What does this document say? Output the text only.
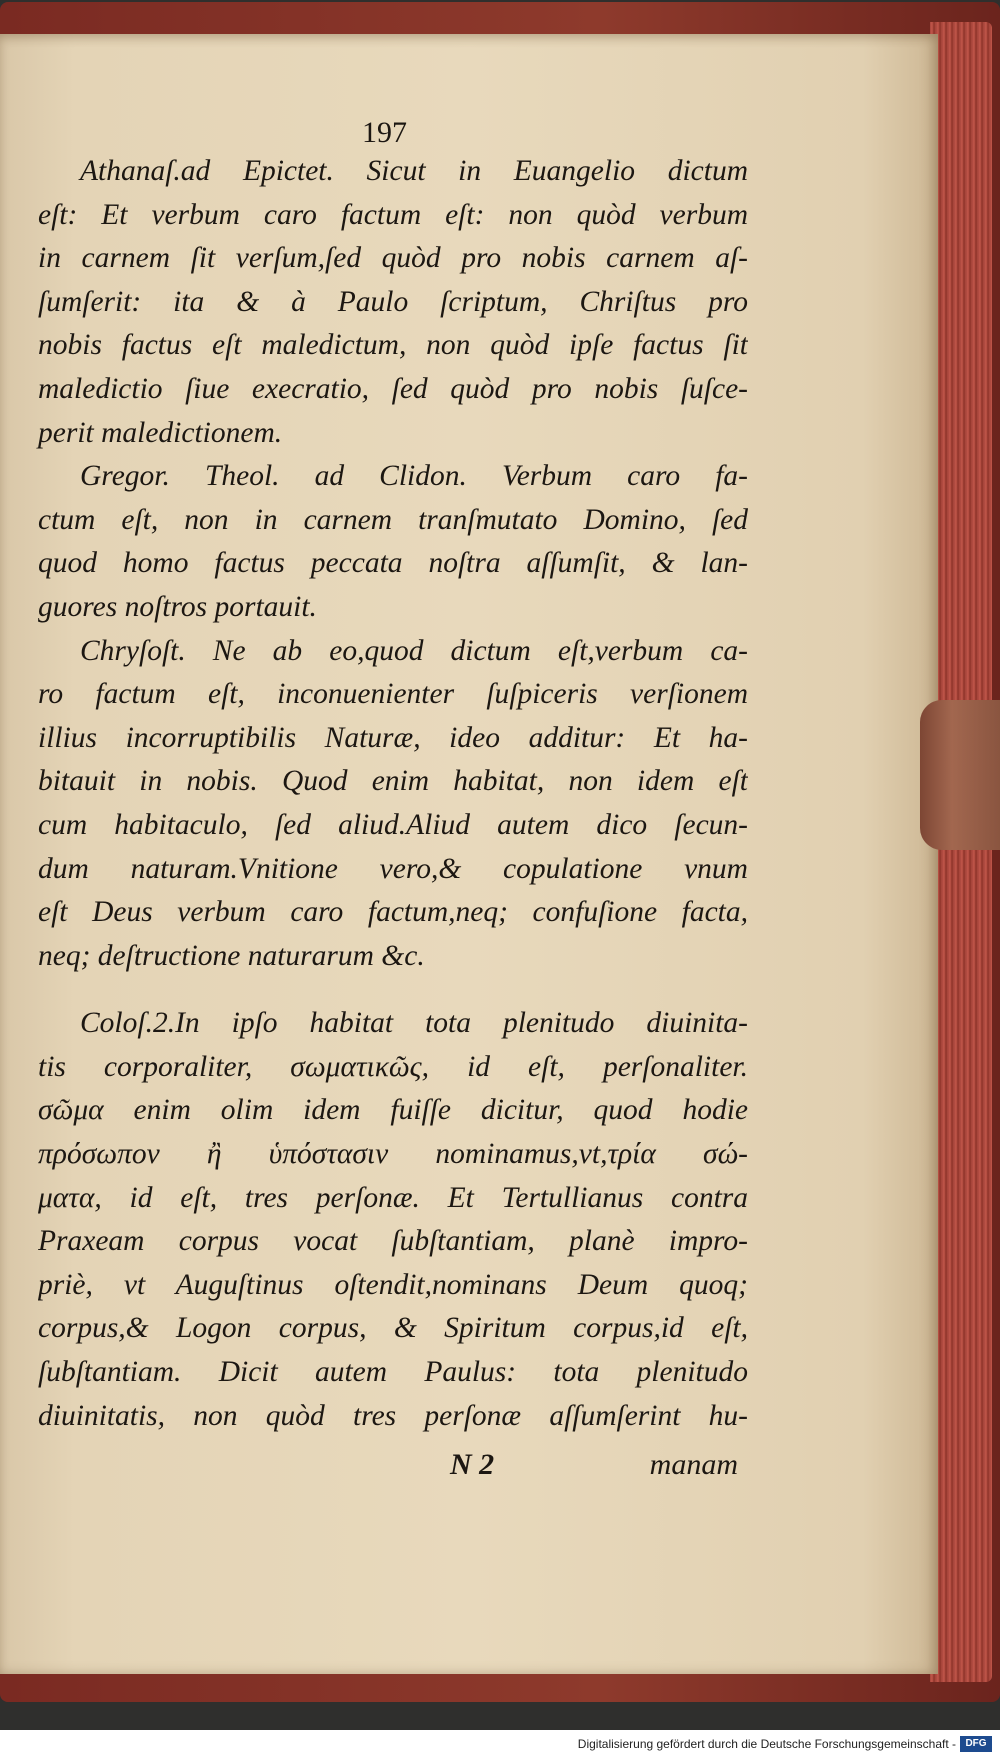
197
Athanaſ.ad Epictet. Sicut in Euangelio dictum
eſt: Et verbum caro factum eſt: non quòd verbum
in carnem ſit verſum,ſed quòd pro nobis carnem aſ-
ſumſerit: ita & à Paulo ſcriptum, Chriſtus pro
nobis factus eſt maledictum, non quòd ipſe factus ſit
maledictio ſiue execratio, ſed quòd pro nobis ſuſce-
perit maledictionem.
Gregor. Theol. ad Clidon. Verbum caro fa-
ctum eſt, non in carnem tranſmutato Domino, ſed
quod homo factus peccata noſtra aſſumſit, & lan-
guores noſtros portauit.
Chryſoſt. Ne ab eo,quod dictum eſt,verbum ca-
ro factum eſt, inconuenienter ſuſpiceris verſionem
illius incorruptibilis Naturæ, ideo additur: Et ha-
bitauit in nobis. Quod enim habitat, non idem eſt
cum habitaculo, ſed aliud.Aliud autem dico ſecun-
dum naturam.Vnitione vero,& copulatione vnum
eſt Deus verbum caro factum,neq; confuſione facta,
neq; deſtructione naturarum &c.
Coloſ.2.In ipſo habitat tota plenitudo diuinita-
tis corporaliter, σωματικῶς, id eſt, perſonaliter.
σῶμα enim olim idem fuiſſe dicitur, quod hodie
πρόσωπον ἢ ὑπόστασιν nominamus,vt,τρία σώ-
ματα, id eſt, tres perſonæ. Et Tertullianus contra
Praxeam corpus vocat ſubſtantiam, planè impro-
priè, vt Auguſtinus oſtendit,nominans Deum quoq;
corpus,& Logon corpus, & Spiritum corpus,id eſt,
ſubſtantiam. Dicit autem Paulus: tota plenitudo
diuinitatis, non quòd tres perſonæ aſſumſerint hu-
N 2	manam
Digitalisierung gefördert durch die Deutsche Forschungsgemeinschaft - DFG
